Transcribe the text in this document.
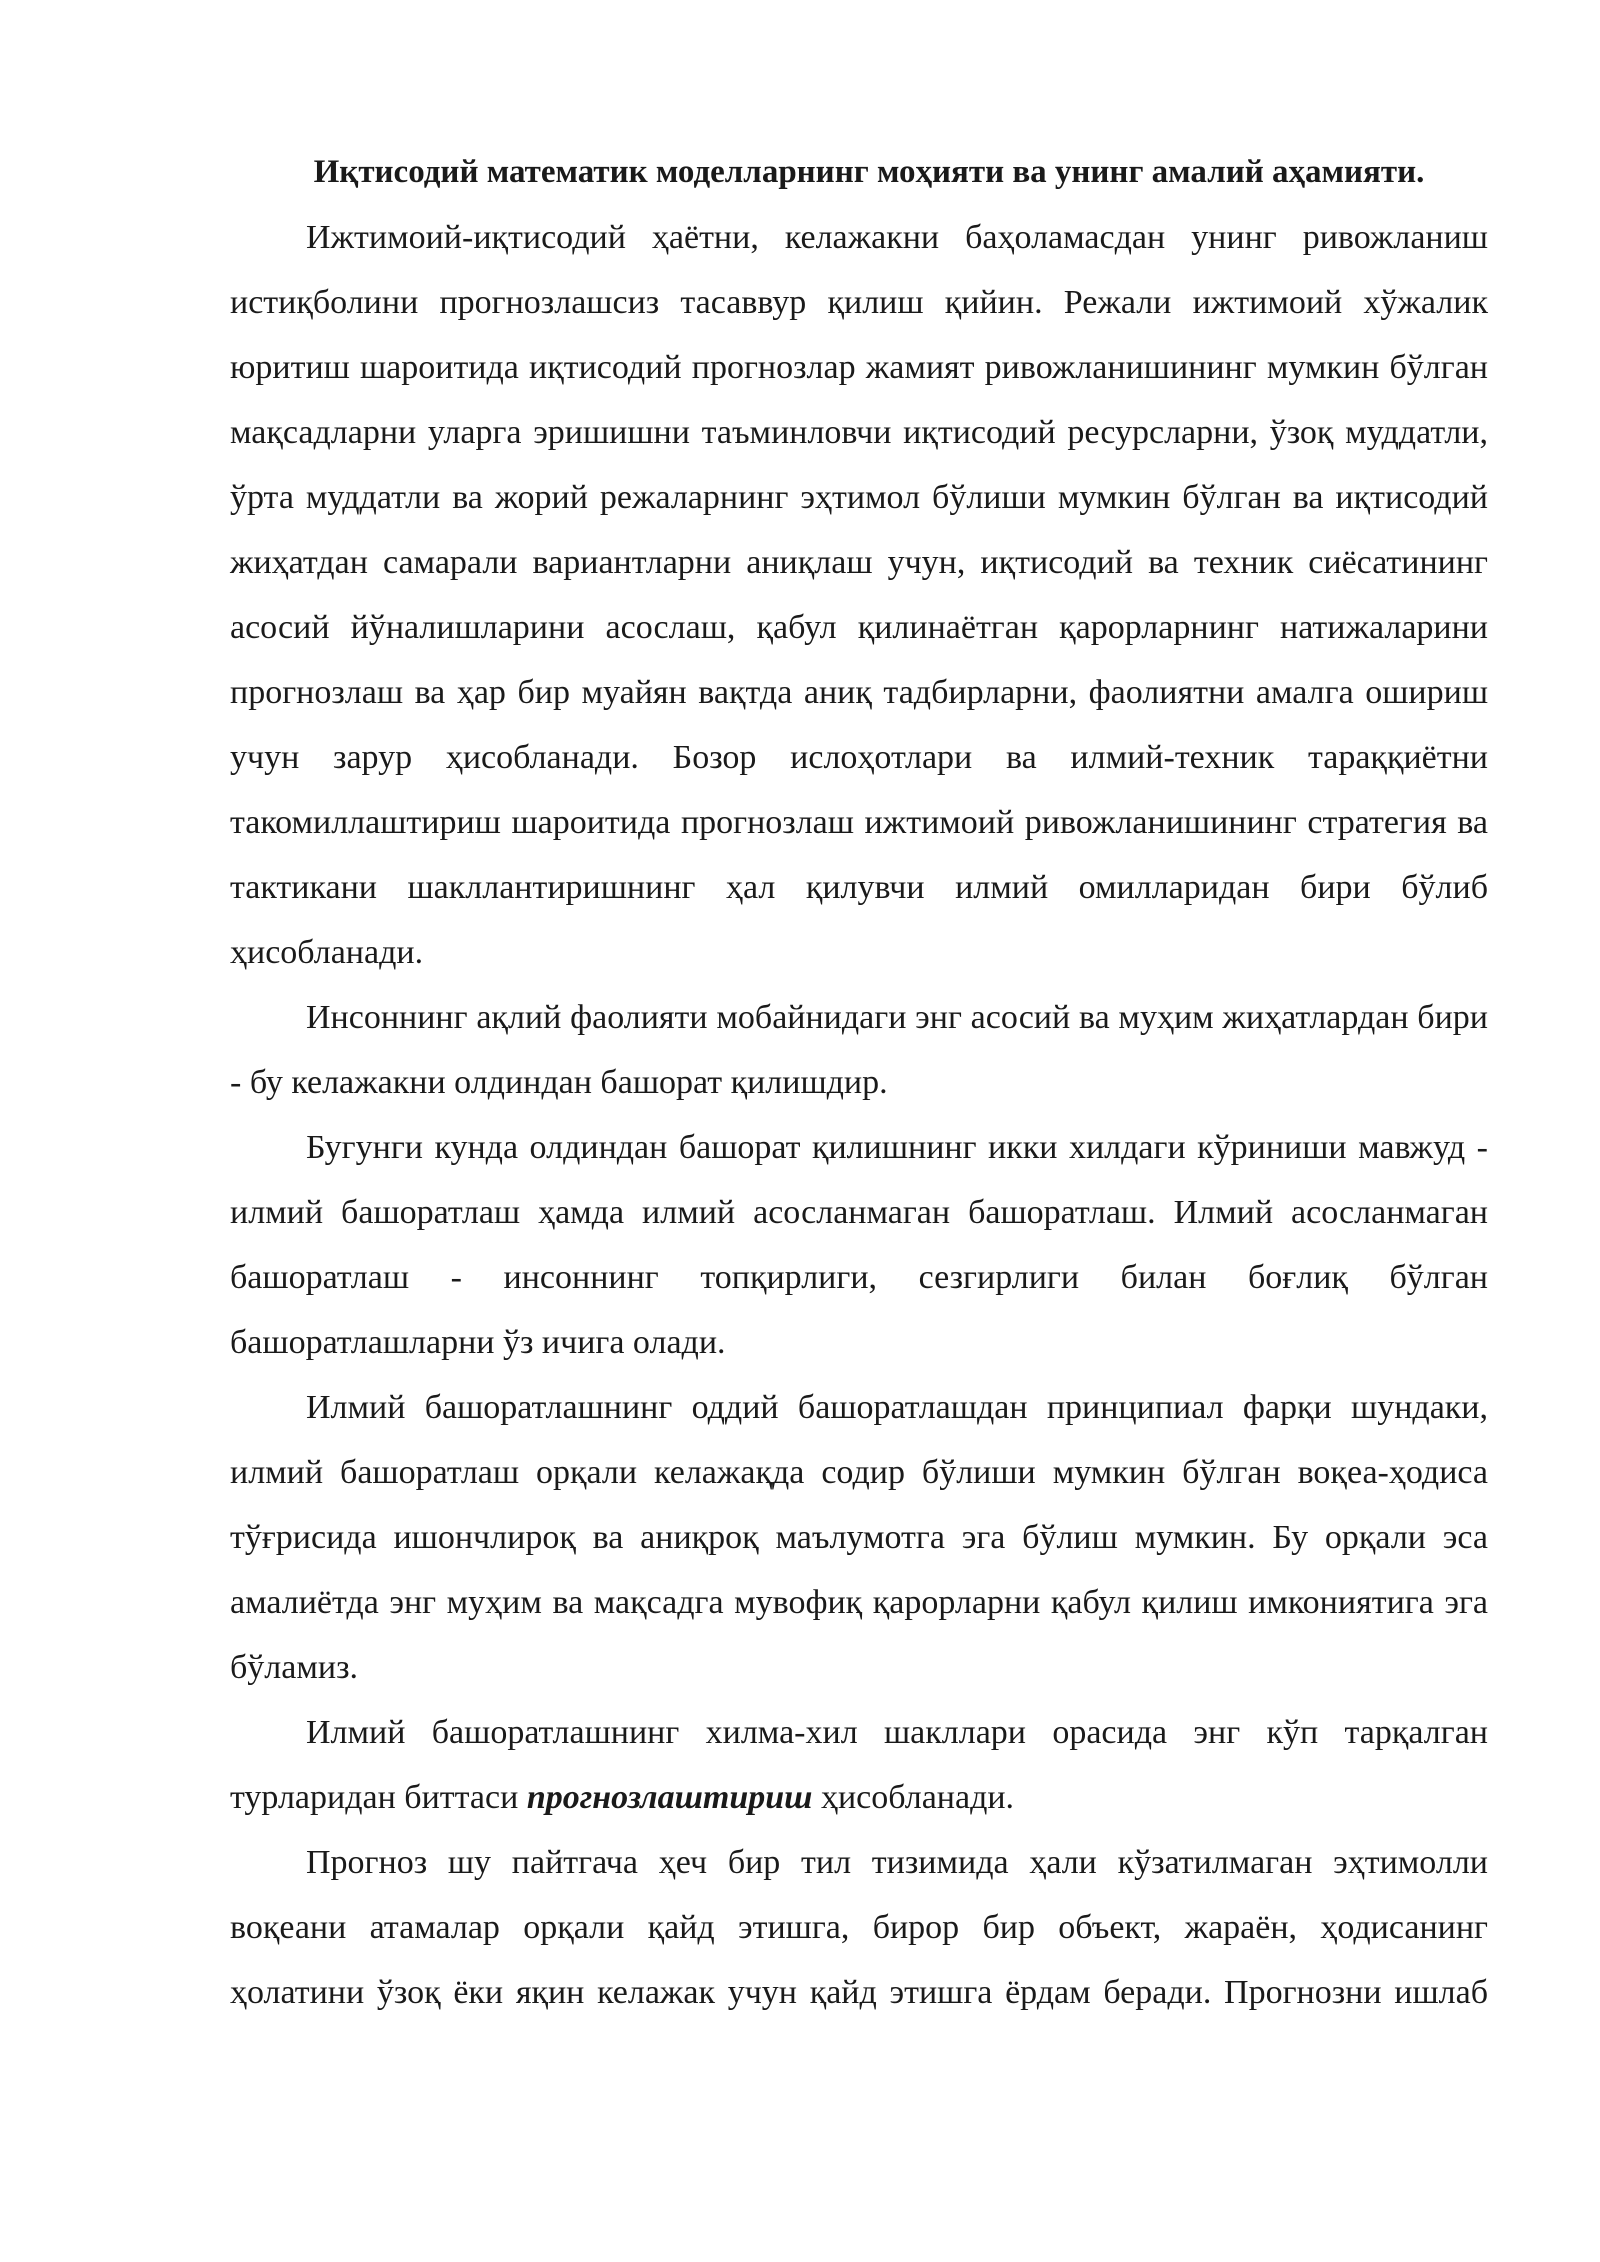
Иқтисодий математик моделларнинг моҳияти ва унинг амалий аҳамияти.

Ижтимоий-иқтисодий ҳаётни, келажакни баҳоламасдан унинг ривожланиш истиқболини прогнозлашсиз тасаввур қилиш қийин. Режали ижтимоий хўжалик юритиш шароитида иқтисодий прогнозлар жамият ривожланишининг мумкин бўлган мақсадларни уларга эришишни таъминловчи иқтисодий ресурсларни, ўзоқ муддатли, ўрта муддатли ва жорий режаларнинг эҳтимол бўлиши мумкин бўлган ва иқтисодий жиҳатдан самарали вариантларни аниқлаш учун, иқтисодий ва техник сиёсатининг асосий йўналишларини асослаш, қабул қилинаётган қарорларнинг натижаларини прогнозлаш ва ҳар бир муайян вақтда аниқ тадбирларни, фаолиятни амалга ошириш учун зарур ҳисобланади. Бозор ислоҳотлари ва илмий-техник тараққиётни такомиллаштириш шароитида прогнозлаш ижтимоий ривожланишининг стратегия ва тактикани шакллантиришнинг ҳал қилувчи илмий омилларидан бири бўлиб ҳисобланади.

Инсоннинг ақлий фаолияти мобайнидаги энг асосий ва муҳим жиҳатлардан бири - бу келажакни олдиндан башорат қилишдир.

Бугунги кунда олдиндан башорат қилишнинг икки хилдаги кўриниши мавжуд - илмий башоратлаш ҳамда илмий асосланмаган башоратлаш. Илмий асосланмаган башоратлаш - инсоннинг топқирлиги, сезгирлиги билан боғлиқ бўлган башоратлашларни ўз ичига олади.

Илмий башоратлашнинг оддий башоратлашдан принципиал фарқи шундаки, илмий башоратлаш орқали келажақда содир бўлиши мумкин бўлган воқеа-ҳодиса тўғрисида ишончлироқ ва аниқроқ маълумотга эга бўлиш мумкин. Бу орқали эса амалиётда энг муҳим ва мақсадга мувофиқ қарорларни қабул қилиш имкониятига эга бўламиз.

Илмий башоратлашнинг хилма-хил шакллари орасида энг кўп тарқалган турларидан биттаси прогнозлаштириш ҳисобланади.

Прогноз шу пайтгача ҳеч бир тил тизимида ҳали кўзатилмаган эҳтимолли воқеани атамалар орқали қайд этишга, бирор бир объект, жараён, ҳодисанинг ҳолатини ўзоқ ёки яқин келажак учун қайд этишга ёрдам беради. Прогнозни ишлаб
